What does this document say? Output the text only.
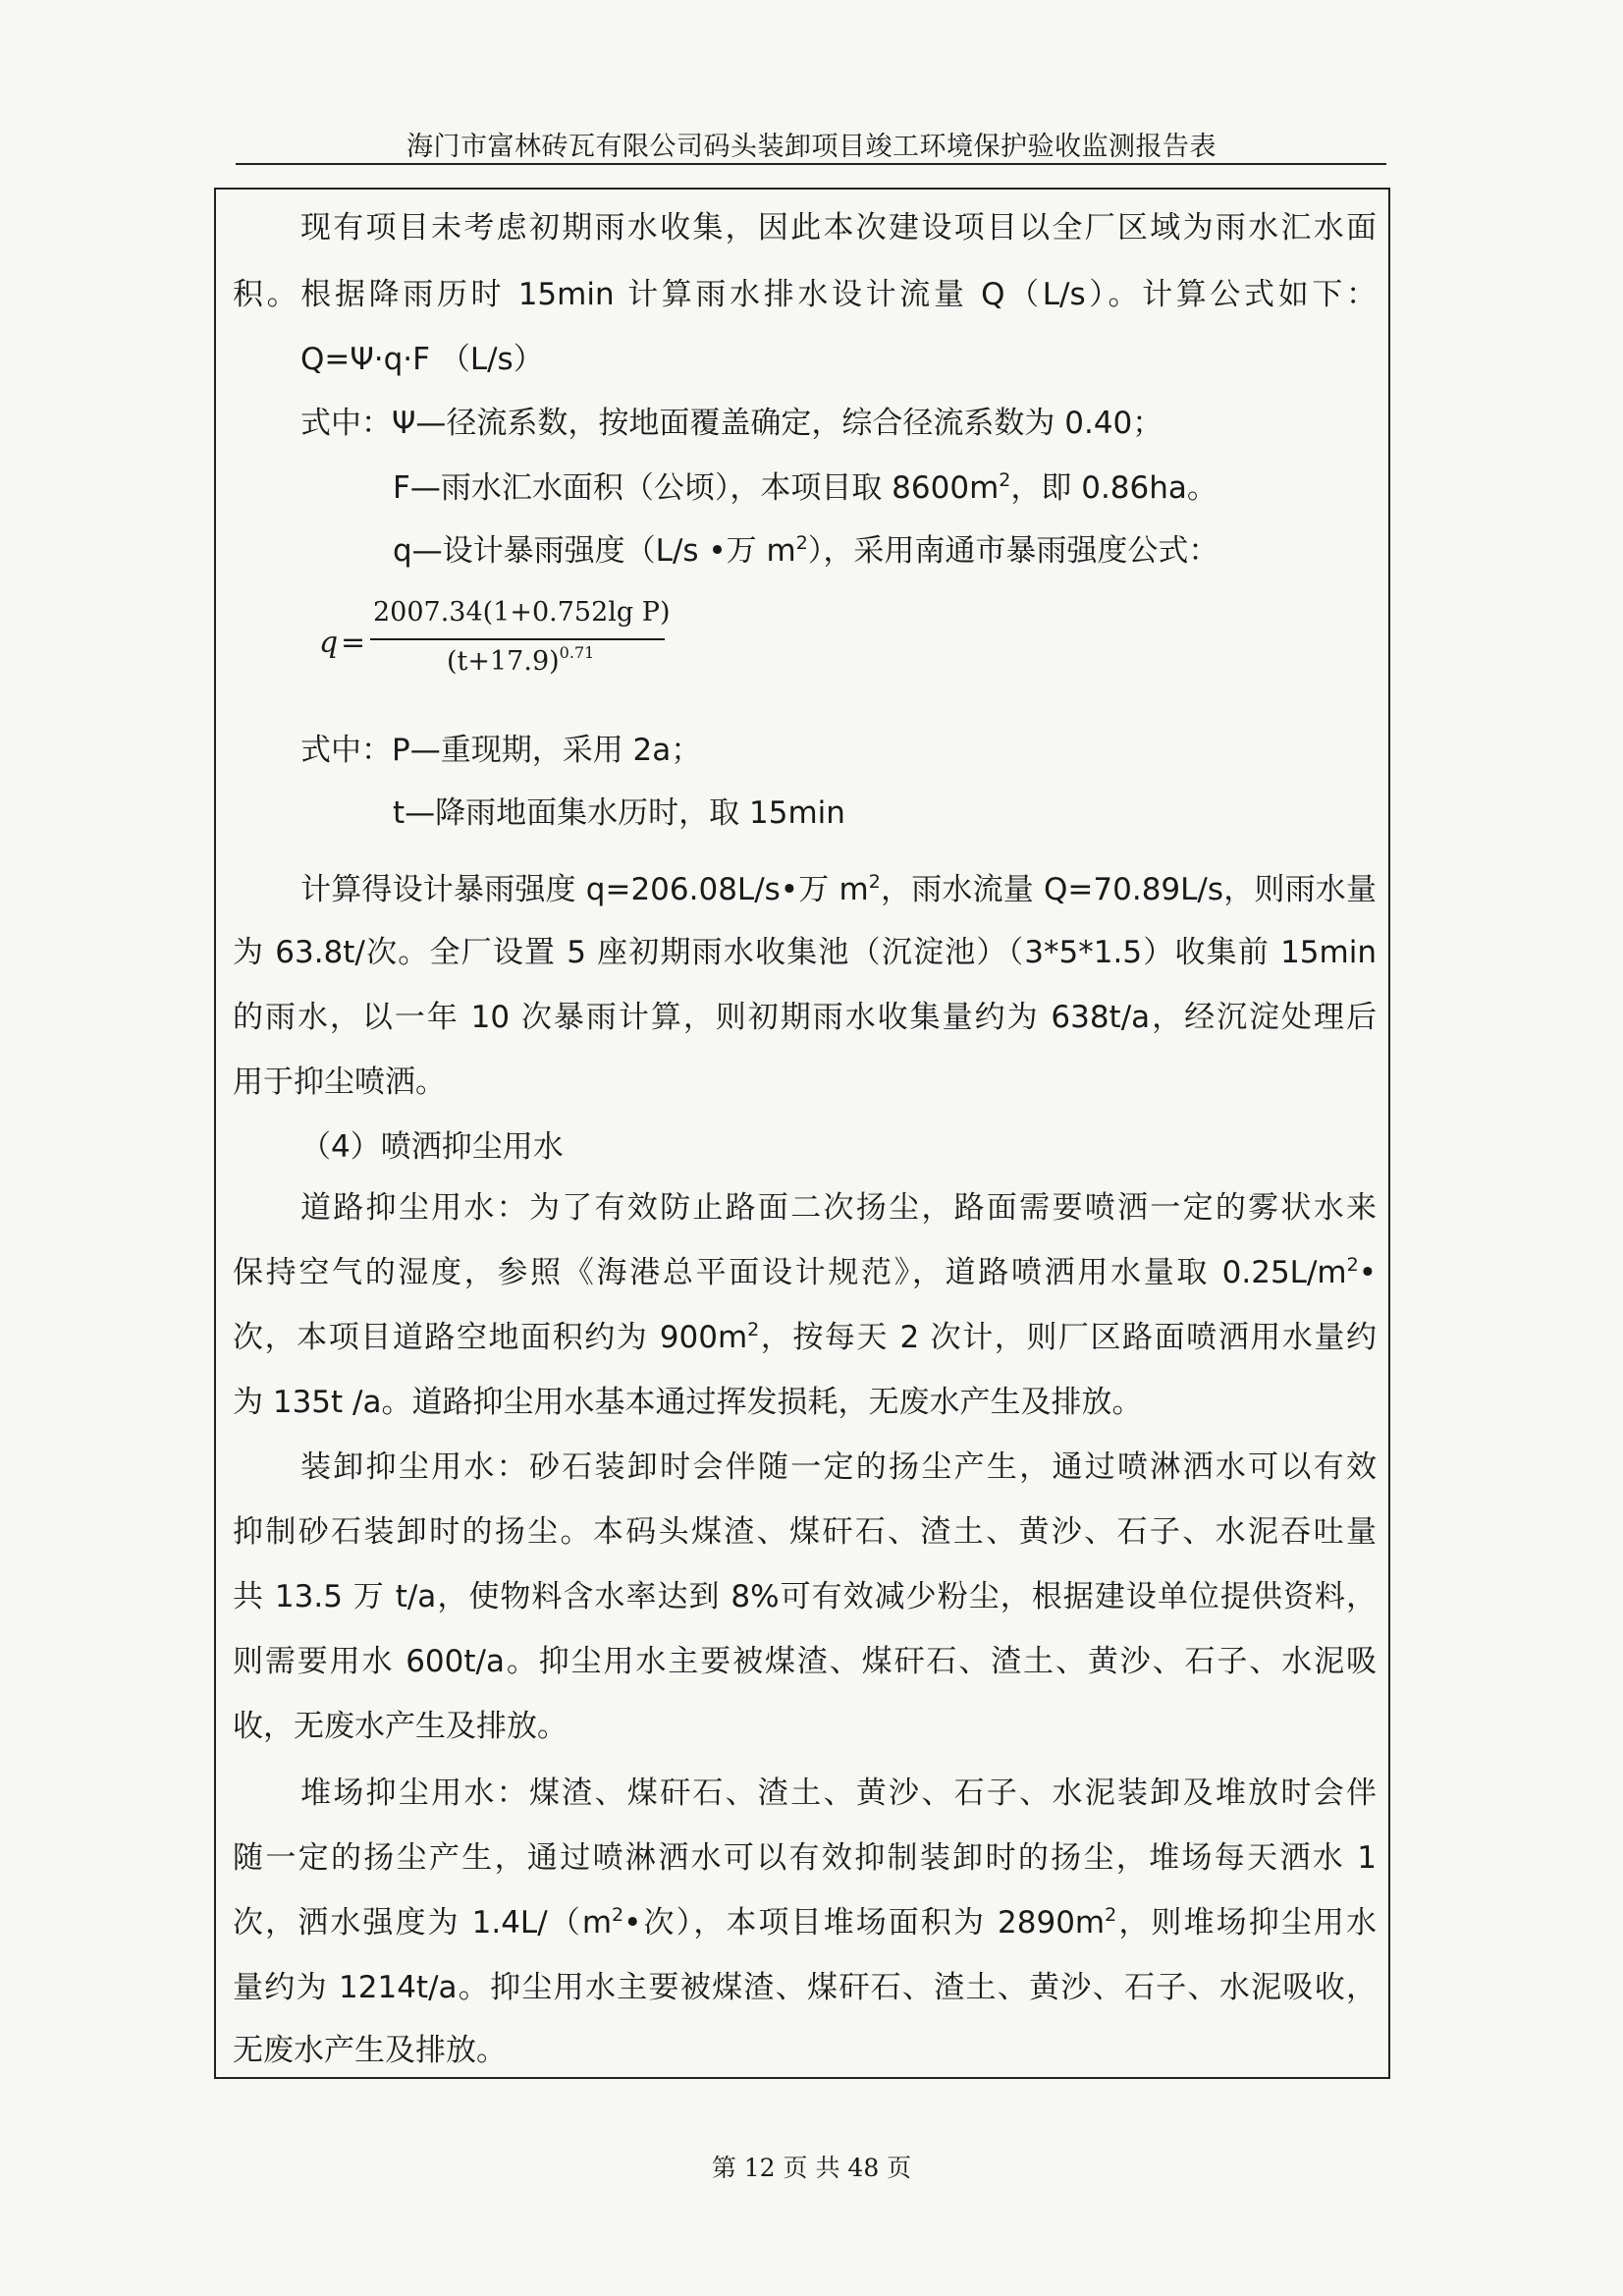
海门市富林砖瓦有限公司码头装卸项目竣工环境保护验收监测报告表
现有项目未考虑初期雨水收集，因此本次建设项目以全厂区域为雨水汇水面
积。根据降雨历时 15min 计算雨水排水设计流量 Q（L/s）。计算公式如下：
Q=Ψ·q·F （L/s）
式中：Ψ—径流系数，按地面覆盖确定，综合径流系数为 0.40；
F—雨水汇水面积（公顷），本项目取 $8600m^2$，即 0.86ha。
q—设计暴雨强度（L/s •万 $m^2$），采用南通市暴雨强度公式：
q =
2007.34(1+0.752lg P)
$(t+17.9)^{0.71}$
式中：P—重现期，采用 2a；
t—降雨地面集水历时，取 15min
计算得设计暴雨强度 q=206.08L/s•万 $m^2$，雨水流量 Q=70.89L/s，则雨水量
为 63.8t/次。全厂设置 5 座初期雨水收集池（沉淀池）（3*5*1.5）收集前 15min
的雨水，以一年 10 次暴雨计算，则初期雨水收集量约为 638t/a，经沉淀处理后
用于抑尘喷洒。
（4）喷洒抑尘用水
道路抑尘用水：为了有效防止路面二次扬尘，路面需要喷洒一定的雾状水来
保持空气的湿度，参照《海港总平面设计规范》，道路喷洒用水量取 $0.25L/m^2•$
次，本项目道路空地面积约为 $900m^2$，按每天 2 次计，则厂区路面喷洒用水量约
为 135t /a。道路抑尘用水基本通过挥发损耗，无废水产生及排放。
装卸抑尘用水：砂石装卸时会伴随一定的扬尘产生，通过喷淋洒水可以有效
抑制砂石装卸时的扬尘。本码头煤渣、煤矸石、渣土、黄沙、石子、水泥吞吐量
共 13.5 万 t/a，使物料含水率达到 8%可有效减少粉尘，根据建设单位提供资料，
则需要用水 600t/a。抑尘用水主要被煤渣、煤矸石、渣土、黄沙、石子、水泥吸
收，无废水产生及排放。
堆场抑尘用水：煤渣、煤矸石、渣土、黄沙、石子、水泥装卸及堆放时会伴
随一定的扬尘产生，通过喷淋洒水可以有效抑制装卸时的扬尘，堆场每天洒水 1
次，洒水强度为 $1.4L/(m^2•$次），本项目堆场面积为 $2890m^2$，则堆场抑尘用水
量约为 1214t/a。抑尘用水主要被煤渣、煤矸石、渣土、黄沙、石子、水泥吸收，
无废水产生及排放。
第 12 页 共 48 页
